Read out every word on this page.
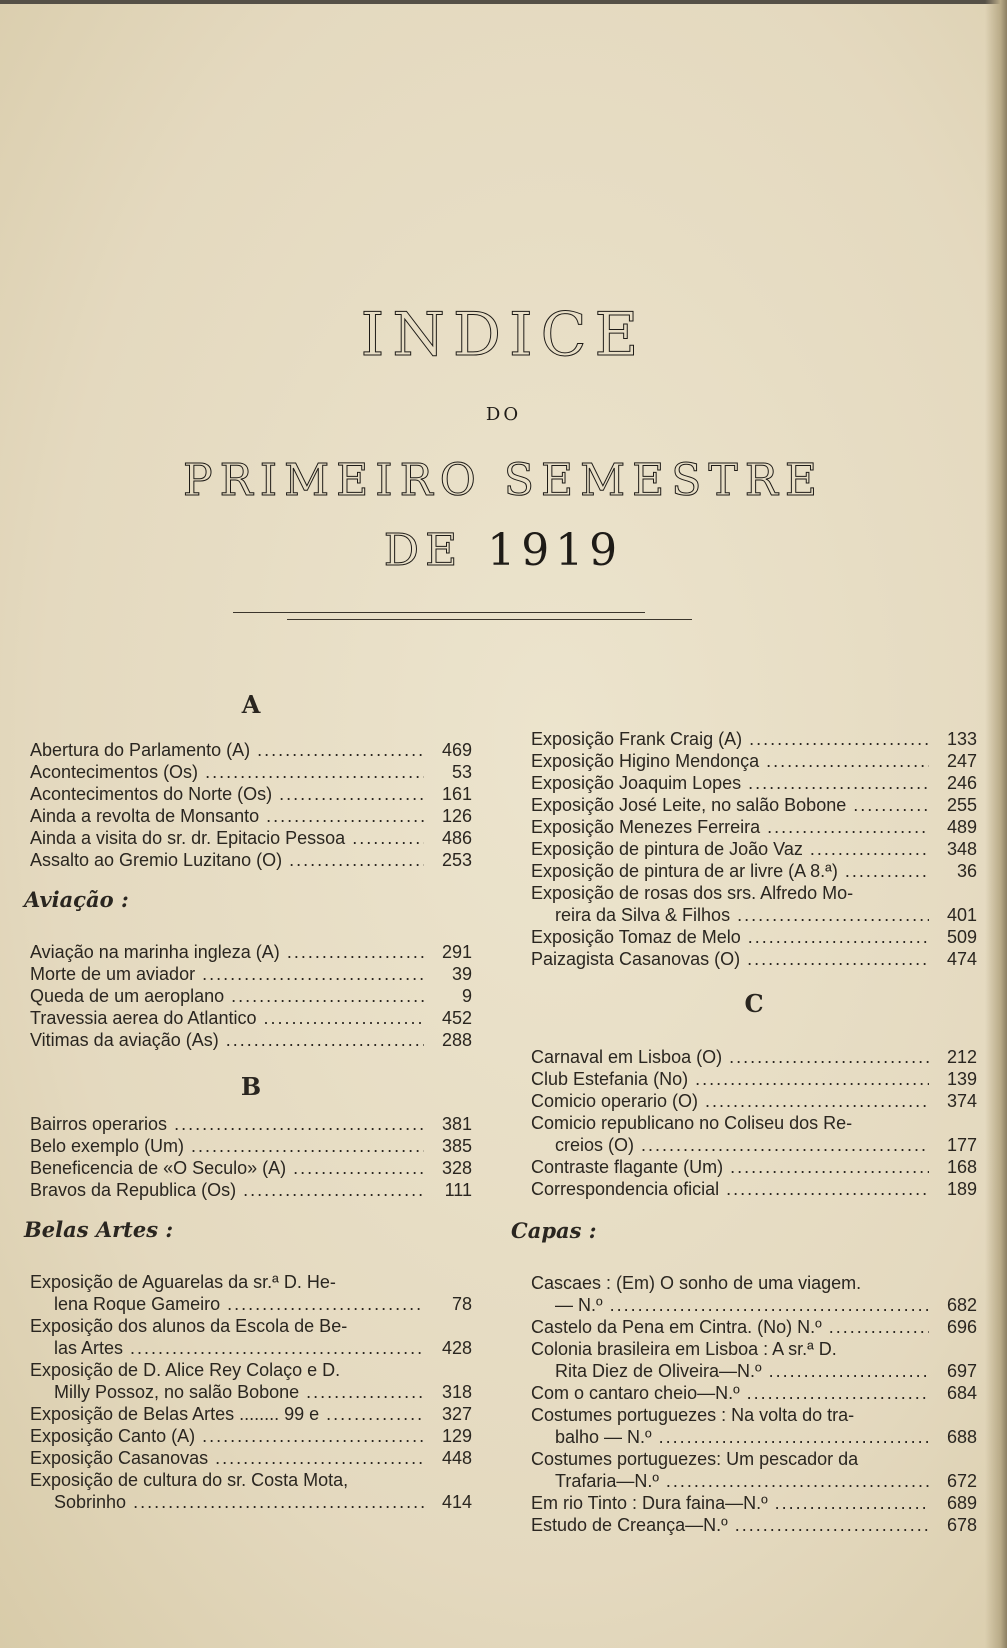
INDICE
DO
PRIMEIRO SEMESTRE
DE 1919
A
Abertura do Parlamento (A) .....	469
Acontecimentos (Os) .....	53
Acontecimentos do Norte (Os) .....	161
Ainda a revolta de Monsanto .....	126
Ainda a visita do sr. dr. Epitacio Pessoa .....	486
Assalto ao Gremio Luzitano (O) .....	253
Aviação :
Aviação na marinha ingleza (A) .....	291
Morte de um aviador .....	39
Queda de um aeroplano .....	9
Travessia aerea do Atlantico .....	452
Vitimas da aviação (As) .....	288
B
Bairros operarios .....	381
Belo exemplo (Um) .....	385
Beneficencia de «O Seculo» (A) .....	328
Bravos da Republica (Os) .....	111
Belas Artes :
Exposição de Aguarelas da sr.ª D. He-
lena Roque Gameiro .....	78
Exposição dos alunos da Escola de Be-
las Artes .....	428
Exposição de D. Alice Rey Colaço e D.
Milly Possoz, no salão Bobone .....	318
Exposição de Belas Artes ........ 99 e .....	327
Exposição Canto (A) .....	129
Exposição Casanovas .....	448
Exposição de cultura do sr. Costa Mota,
Sobrinho .....	414
Exposição Frank Craig (A) .....	133
Exposição Higino Mendonça .....	247
Exposição Joaquim Lopes .....	246
Exposição José Leite, no salão Bobone .....	255
Exposição Menezes Ferreira .....	489
Exposição de pintura de João Vaz .....	348
Exposição de pintura de ar livre (A 8.ª) .....	36
Exposição de rosas dos srs. Alfredo Mo-
reira da Silva & Filhos .....	401
Exposição Tomaz de Melo .....	509
Paizagista Casanovas (O) .....	474
C
Carnaval em Lisboa (O) .....	212
Club Estefania (No) .....	139
Comicio operario (O) .....	374
Comicio republicano no Coliseu dos Re-
creios (O) .....	177
Contraste flagante (Um) .....	168
Correspondencia oficial .....	189
Capas :
Cascaes : (Em) O sonho de uma viagem.
— N.º .....	682
Castelo da Pena em Cintra. (No) N.º .....	696
Colonia brasileira em Lisboa : A sr.ª D.
Rita Diez de Oliveira—N.º .....	697
Com o cantaro cheio—N.º .....	684
Costumes portuguezes : Na volta do tra-
balho — N.º .....	688
Costumes portuguezes: Um pescador da
Trafaria—N.º .....	672
Em rio Tinto : Dura faina—N.º .....	689
Estudo de Creança—N.º .....	678
